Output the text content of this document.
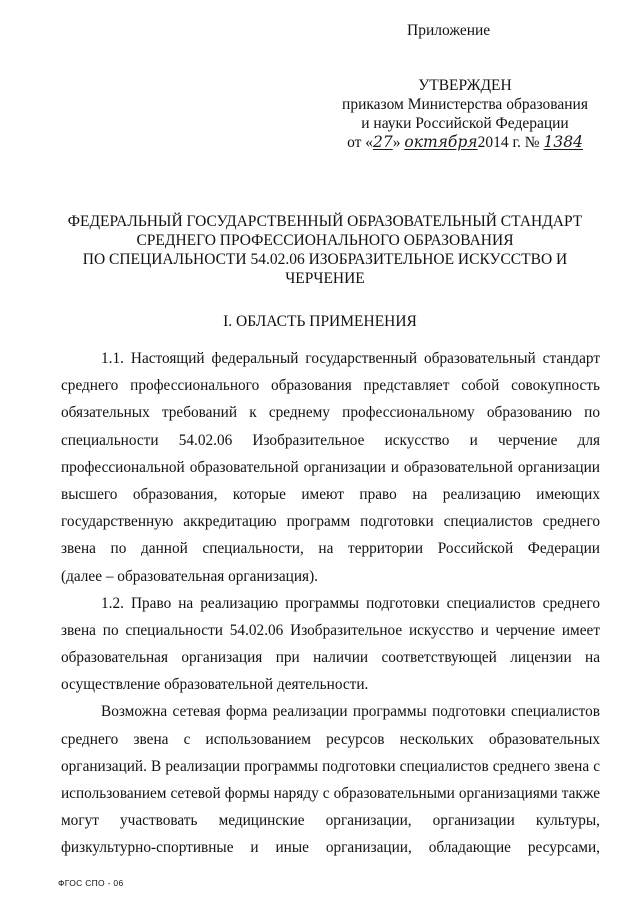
Приложение
УТВЕРЖДЕН
приказом Министерства образования
и науки Российской Федерации
от «27» октября2014 г. № 1384
ФЕДЕРАЛЬНЫЙ ГОСУДАРСТВЕННЫЙ ОБРАЗОВАТЕЛЬНЫЙ СТАНДАРТ
СРЕДНЕГО ПРОФЕССИОНАЛЬНОГО ОБРАЗОВАНИЯ
ПО СПЕЦИАЛЬНОСТИ 54.02.06 ИЗОБРАЗИТЕЛЬНОЕ ИСКУССТВО И
ЧЕРЧЕНИЕ
I. ОБЛАСТЬ ПРИМЕНЕНИЯ
1.1. Настоящий федеральный государственный образовательный стандарт
среднего профессионального образования представляет собой совокупность
обязательных требований к среднему профессиональному образованию по
специальности 54.02.06 Изобразительное искусство и черчение для
профессиональной образовательной организации и образовательной организации
высшего образования, которые имеют право на реализацию имеющих
государственную аккредитацию программ подготовки специалистов среднего
звена по данной специальности, на территории Российской Федерации
(далее – образовательная организация).
1.2. Право на реализацию программы подготовки специалистов среднего
звена по специальности 54.02.06 Изобразительное искусство и черчение имеет
образовательная организация при наличии соответствующей лицензии на
осуществление образовательной деятельности.
Возможна сетевая форма реализации программы подготовки специалистов
среднего звена с использованием ресурсов нескольких образовательных
организаций. В реализации программы подготовки специалистов среднего звена с
использованием сетевой формы наряду с образовательными организациями также
могут участвовать медицинские организации, организации культуры,
физкультурно-спортивные и иные организации, обладающие ресурсами,
ФГОС СПО - 06
